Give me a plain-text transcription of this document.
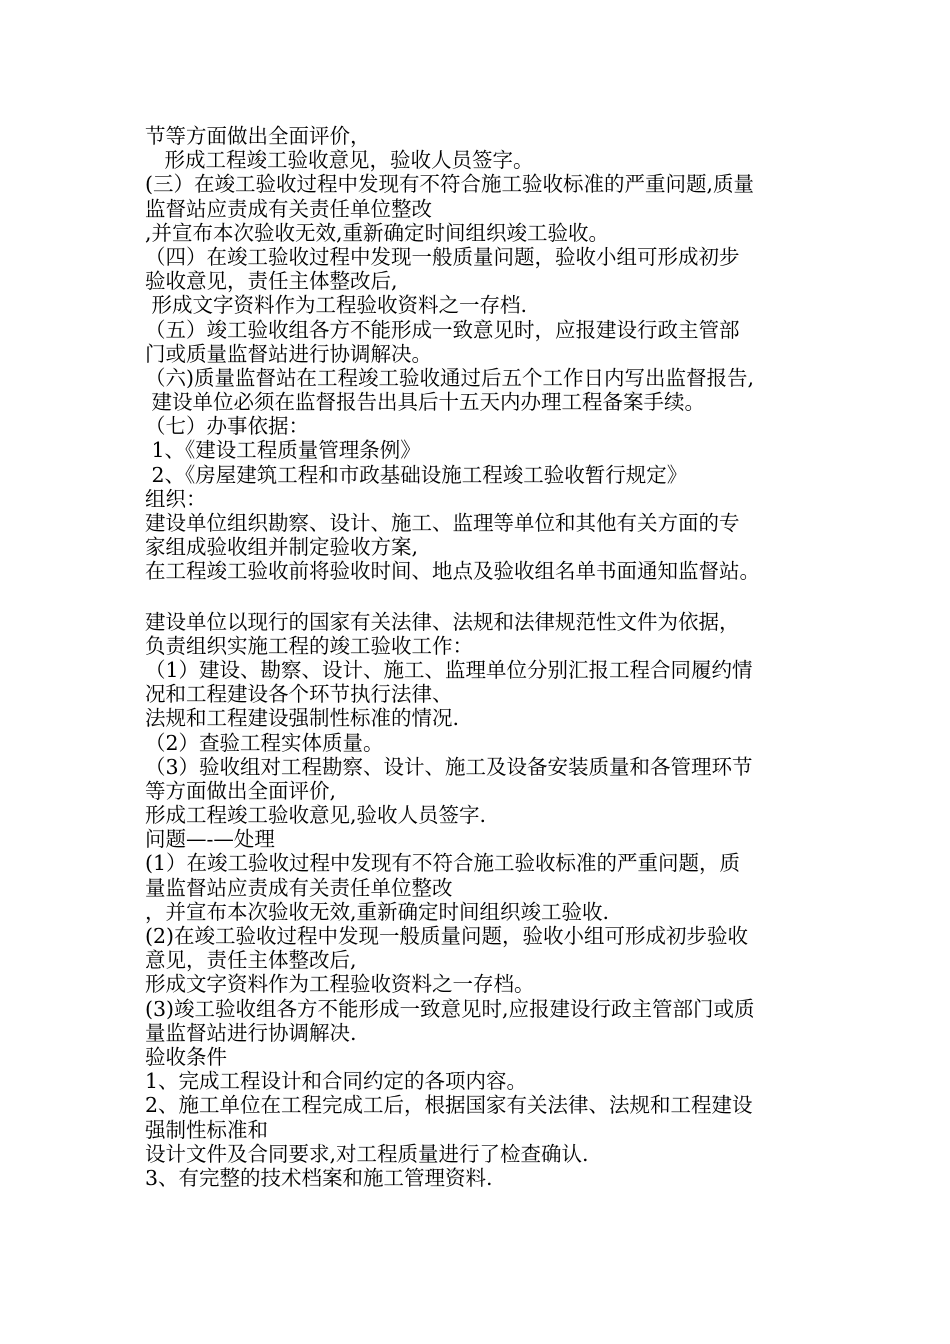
节等方面做出全面评价，
形成工程竣工验收意见，验收人员签字。
(三）在竣工验收过程中发现有不符合施工验收标准的严重问题,质量
监督站应责成有关责任单位整改
,并宣布本次验收无效,重新确定时间组织竣工验收。
（四）在竣工验收过程中发现一般质量问题，验收小组可形成初步
验收意见，责任主体整改后,
形成文字资料作为工程验收资料之一存档.
（五）竣工验收组各方不能形成一致意见时，应报建设行政主管部
门或质量监督站进行协调解决。
（六)质量监督站在工程竣工验收通过后五个工作日内写出监督报告,
建设单位必须在监督报告出具后十五天内办理工程备案手续。
（七）办事依据：
1、《建设工程质量管理条例》
2、《房屋建筑工程和市政基础设施工程竣工验收暂行规定》
组织：
建设单位组织勘察、设计、施工、监理等单位和其他有关方面的专
家组成验收组并制定验收方案,
在工程竣工验收前将验收时间、地点及验收组名单书面通知监督站。
建设单位以现行的国家有关法律、法规和法律规范性文件为依据，
负责组织实施工程的竣工验收工作：
（1）建设、勘察、设计、施工、监理单位分别汇报工程合同履约情
况和工程建设各个环节执行法律、
法规和工程建设强制性标准的情况.
（2）查验工程实体质量。
（3）验收组对工程勘察、设计、施工及设备安装质量和各管理环节
等方面做出全面评价,
形成工程竣工验收意见,验收人员签字.
问题—-—处理
(1）在竣工验收过程中发现有不符合施工验收标准的严重问题，质
量监督站应责成有关责任单位整改
，并宣布本次验收无效,重新确定时间组织竣工验收.
(2)在竣工验收过程中发现一般质量问题，验收小组可形成初步验收
意见，责任主体整改后,
形成文字资料作为工程验收资料之一存档。
(3)竣工验收组各方不能形成一致意见时,应报建设行政主管部门或质
量监督站进行协调解决.
验收条件
1、完成工程设计和合同约定的各项内容。
2、施工单位在工程完成工后，根据国家有关法律、法规和工程建设
强制性标准和
设计文件及合同要求,对工程质量进行了检查确认.
3、有完整的技术档案和施工管理资料.
